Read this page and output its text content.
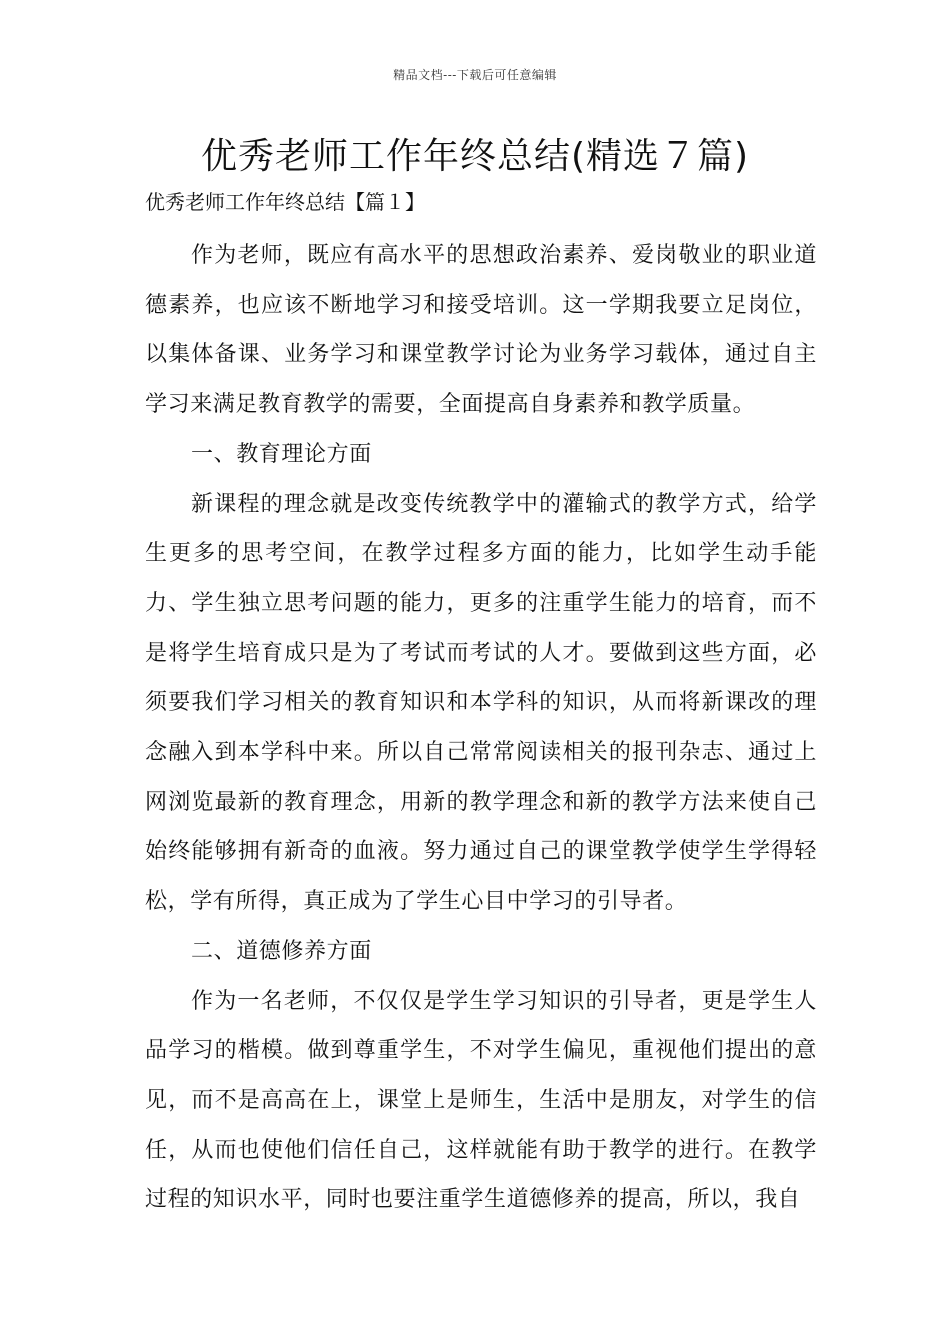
精品文档---下载后可任意编辑
优秀老师工作年终总结(精选７篇)
优秀老师工作年终总结【篇１】

作为老师，既应有高水平的思想政治素养、爱岗敬业的职业道德素养，也应该不断地学习和接受培训。这一学期我要立足岗位，以集体备课、业务学习和课堂教学讨论为业务学习载体，通过自主学习来满足教育教学的需要，全面提高自身素养和教学质量。

一、教育理论方面

新课程的理念就是改变传统教学中的灌输式的教学方式，给学生更多的思考空间，在教学过程多方面的能力，比如学生动手能力、学生独立思考问题的能力，更多的注重学生能力的培育，而不是将学生培育成只是为了考试而考试的人才。要做到这些方面，必须要我们学习相关的教育知识和本学科的知识，从而将新课改的理念融入到本学科中来。所以自己常常阅读相关的报刊杂志、通过上网浏览最新的教育理念，用新的教学理念和新的教学方法来使自己始终能够拥有新奇的血液。努力通过自己的课堂教学使学生学得轻松，学有所得，真正成为了学生心目中学习的引导者。

二、道德修养方面

作为一名老师，不仅仅是学生学习知识的引导者，更是学生人品学习的楷模。做到尊重学生，不对学生偏见，重视他们提出的意见，而不是高高在上，课堂上是师生，生活中是朋友，对学生的信任，从而也使他们信任自己，这样就能有助于教学的进行。在教学过程的知识水平，同时也要注重学生道德修养的提高，所以，我自
